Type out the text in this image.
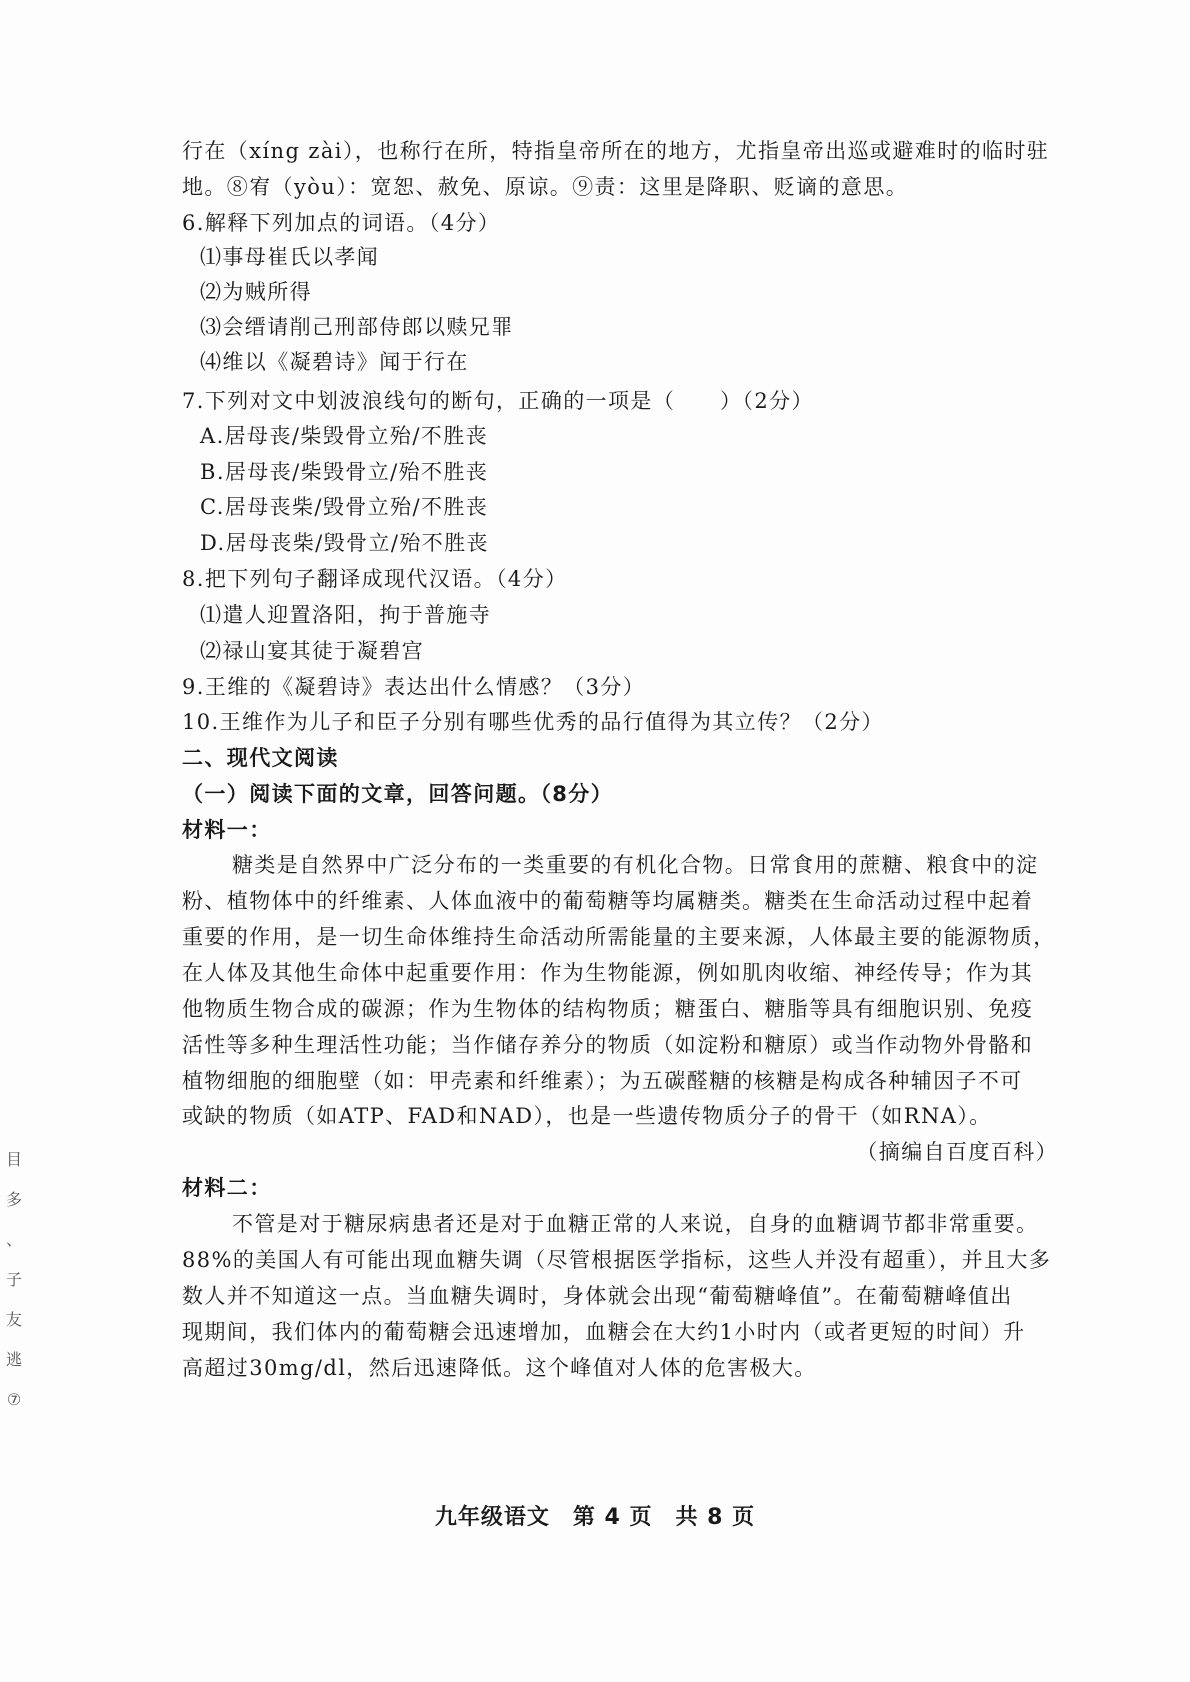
行在（xíng zài），也称行在所，特指皇帝所在的地方，尤指皇帝出巡或避难时的临时驻
地。⑧宥（yòu）：宽恕、赦免、原谅。⑨责：这里是降职、贬谪的意思。
6.解释下列加点的词语。（4分）
⑴事母崔氏以孝闻
⑵为贼所得
⑶会缙请削己刑部侍郎以赎兄罪
⑷维以《凝碧诗》闻于行在
7.下列对文中划波浪线句的断句，正确的一项是（　　）（2分）
A.居母丧/柴毁骨立殆/不胜丧
B.居母丧/柴毁骨立/殆不胜丧
C.居母丧柴/毁骨立殆/不胜丧
D.居母丧柴/毁骨立/殆不胜丧
8.把下列句子翻译成现代汉语。（4分）
⑴遣人迎置洛阳，拘于普施寺
⑵禄山宴其徒于凝碧宫
9.王维的《凝碧诗》表达出什么情感？（3分）
10.王维作为儿子和臣子分别有哪些优秀的品行值得为其立传？（2分）
二、现代文阅读
（一）阅读下面的文章，回答问题。（8分）
材料一：
糖类是自然界中广泛分布的一类重要的有机化合物。日常食用的蔗糖、粮食中的淀
粉、植物体中的纤维素、人体血液中的葡萄糖等均属糖类。糖类在生命活动过程中起着
重要的作用，是一切生命体维持生命活动所需能量的主要来源，人体最主要的能源物质，
在人体及其他生命体中起重要作用：作为生物能源，例如肌肉收缩、神经传导；作为其
他物质生物合成的碳源；作为生物体的结构物质；糖蛋白、糖脂等具有细胞识别、免疫
活性等多种生理活性功能；当作储存养分的物质（如淀粉和糖原）或当作动物外骨骼和
植物细胞的细胞壁（如：甲壳素和纤维素）；为五碳醛糖的核糖是构成各种辅因子不可
或缺的物质（如ATP、FAD和NAD），也是一些遗传物质分子的骨干（如RNA）。
（摘编自百度百科）
材料二：
不管是对于糖尿病患者还是对于血糖正常的人来说，自身的血糖调节都非常重要。
88%的美国人有可能出现血糖失调（尽管根据医学指标，这些人并没有超重），并且大多
数人并不知道这一点。当血糖失调时，身体就会出现“葡萄糖峰值”。在葡萄糖峰值出
现期间，我们体内的葡萄糖会迅速增加，血糖会在大约1小时内（或者更短的时间）升
高超过30mg/dl，然后迅速降低。这个峰值对人体的危害极大。
目
多
、
子
友
逃
⑦
九年级语文　第 4 页　共 8 页
